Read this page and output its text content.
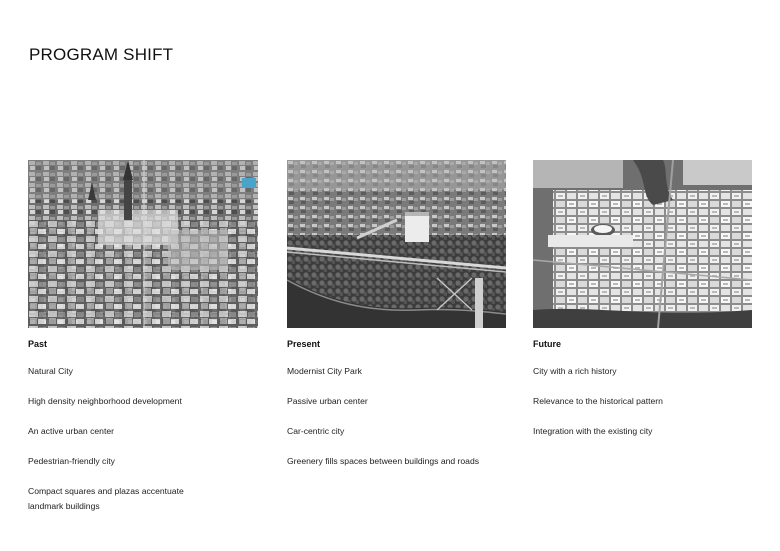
PROGRAM SHIFT
Past
Natural City
High density neighborhood development
An active urban center
Pedestrian-friendly city
Compact squares and plazas accentuate landmark buildings
Present
Modernist City Park
Passive urban center
Car-centric city
Greenery fills spaces between buildings and roads
Future
City with a rich history
Relevance to the historical pattern
Integration with the existing city
